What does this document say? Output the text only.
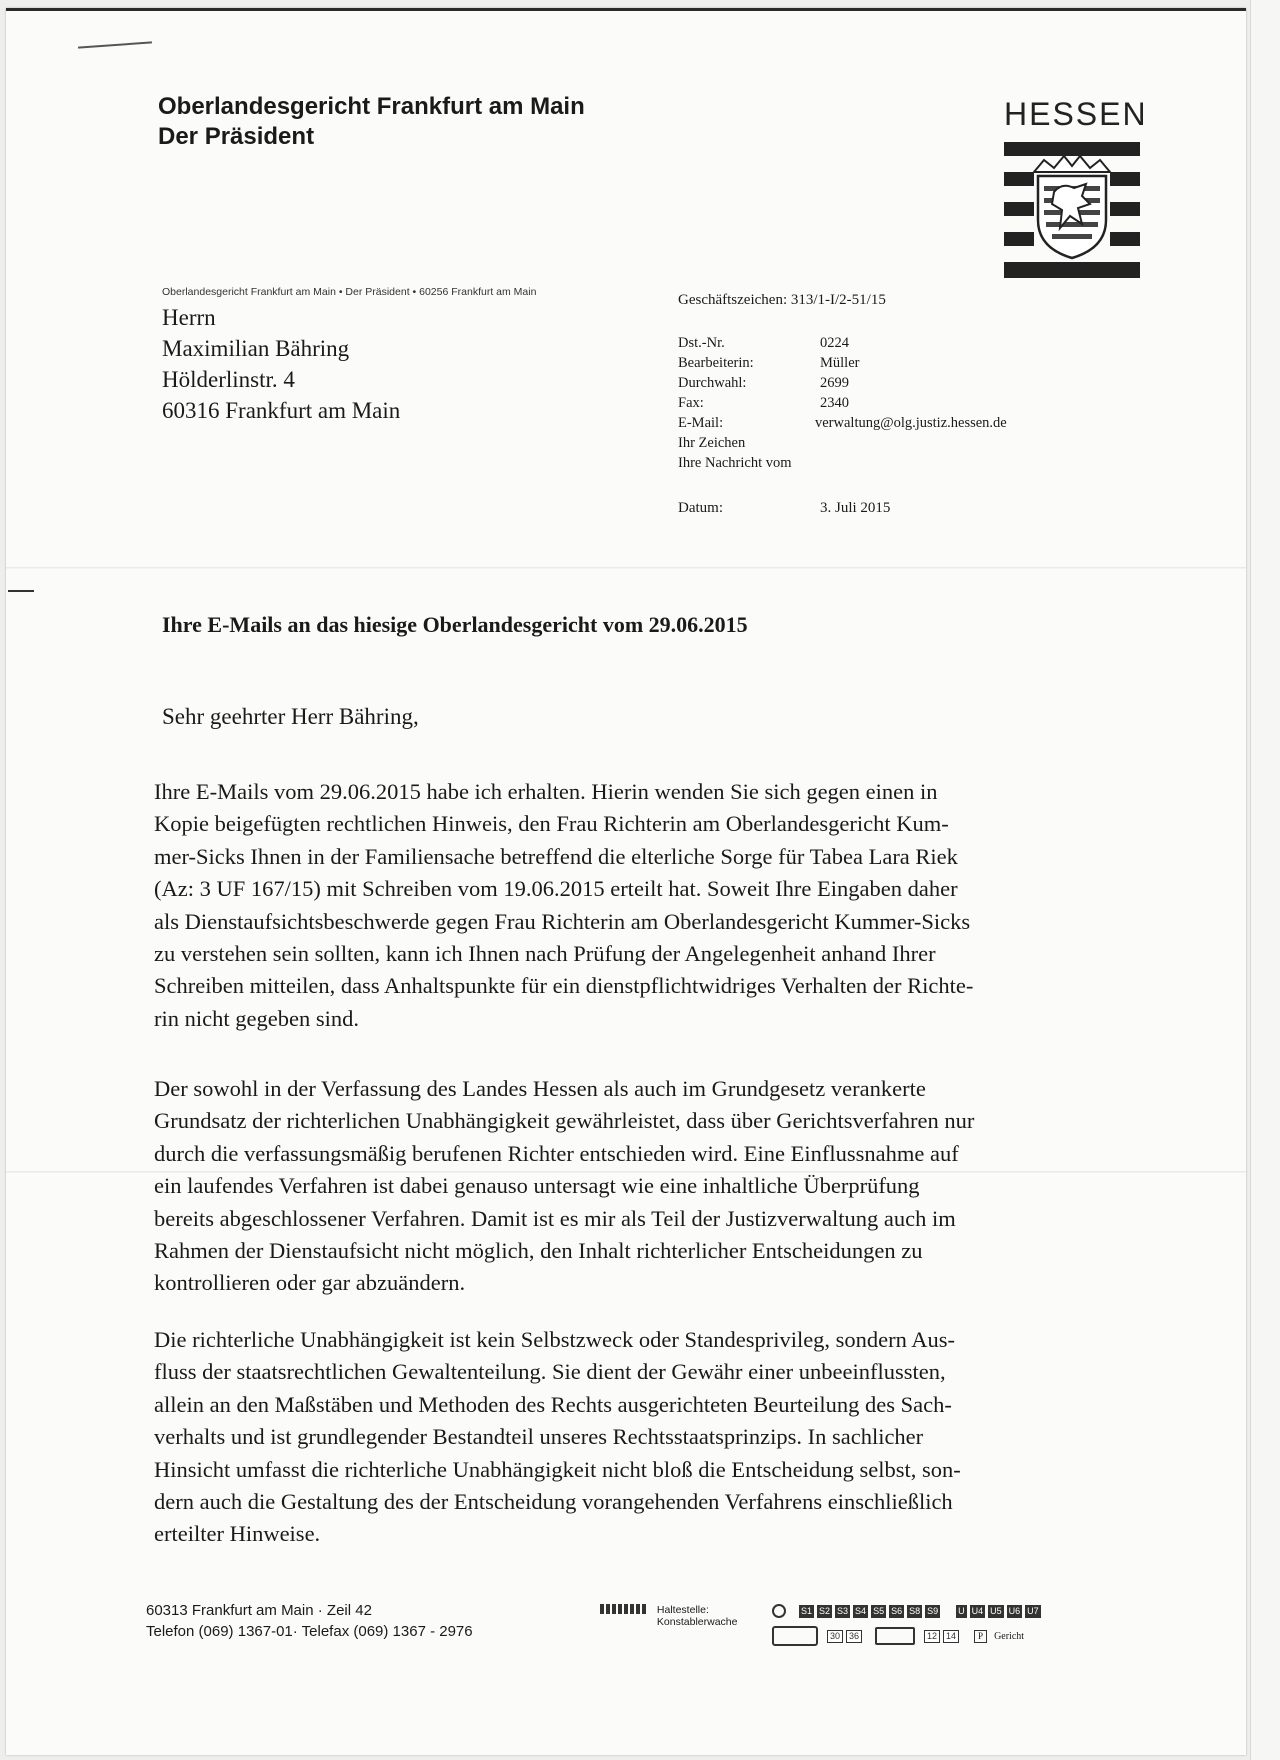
Oberlandesgericht Frankfurt am Main
Der Präsident
HESSEN
Oberlandesgericht Frankfurt am Main • Der Präsident • 60256 Frankfurt am Main
Herrn
Maximilian Bähring
Hölderlinstr. 4
60316 Frankfurt am Main
Geschäftszeichen: 313/1-I/2-51/15
Dst.-Nr.	0224
Bearbeiterin:	Müller
Durchwahl:	2699
Fax:	2340
E-Mail:	verwaltung@olg.justiz.hessen.de
Ihr Zeichen
Ihre Nachricht vom
Datum:	3. Juli 2015
Ihre E-Mails an das hiesige Oberlandesgericht vom 29.06.2015
Sehr geehrter Herr Bähring,
Ihre E-Mails vom 29.06.2015 habe ich erhalten. Hierin wenden Sie sich gegen einen in
Kopie beigefügten rechtlichen Hinweis, den Frau Richterin am Oberlandesgericht Kum-
mer-Sicks Ihnen in der Familiensache betreffend die elterliche Sorge für Tabea Lara Riek
(Az: 3 UF 167/15) mit Schreiben vom 19.06.2015 erteilt hat. Soweit Ihre Eingaben daher
als Dienstaufsichtsbeschwerde gegen Frau Richterin am Oberlandesgericht Kummer-Sicks
zu verstehen sein sollten, kann ich Ihnen nach Prüfung der Angelegenheit anhand Ihrer
Schreiben mitteilen, dass Anhaltspunkte für ein dienstpflichtwidriges Verhalten der Richte-
rin nicht gegeben sind.
Der sowohl in der Verfassung des Landes Hessen als auch im Grundgesetz verankerte
Grundsatz der richterlichen Unabhängigkeit gewährleistet, dass über Gerichtsverfahren nur
durch die verfassungsmäßig berufenen Richter entschieden wird. Eine Einflussnahme auf
ein laufendes Verfahren ist dabei genauso untersagt wie eine inhaltliche Überprüfung
bereits abgeschlossener Verfahren. Damit ist es mir als Teil der Justizverwaltung auch im
Rahmen der Dienstaufsicht nicht möglich, den Inhalt richterlicher Entscheidungen zu
kontrollieren oder gar abzuändern.
Die richterliche Unabhängigkeit ist kein Selbstzweck oder Standesprivileg, sondern Aus-
fluss der staatsrechtlichen Gewaltenteilung. Sie dient der Gewähr einer unbeeinflussten,
allein an den Maßstäben und Methoden des Rechts ausgerichteten Beurteilung des Sach-
verhalts und ist grundlegender Bestandteil unseres Rechtsstaatsprinzips. In sachlicher
Hinsicht umfasst die richterliche Unabhängigkeit nicht bloß die Entscheidung selbst, son-
dern auch die Gestaltung des der Entscheidung vorangehenden Verfahrens einschließlich
erteilter Hinweise.
60313 Frankfurt am Main · Zeil 42
Telefon (069) 1367-01· Telefax (069) 1367 - 2976
Haltestelle:
Konstablerwache
S1 S2 S3 S4 S5 S6 S8 S9 U U4 U5 U6 U7
30	36	12	14	P	Gericht
